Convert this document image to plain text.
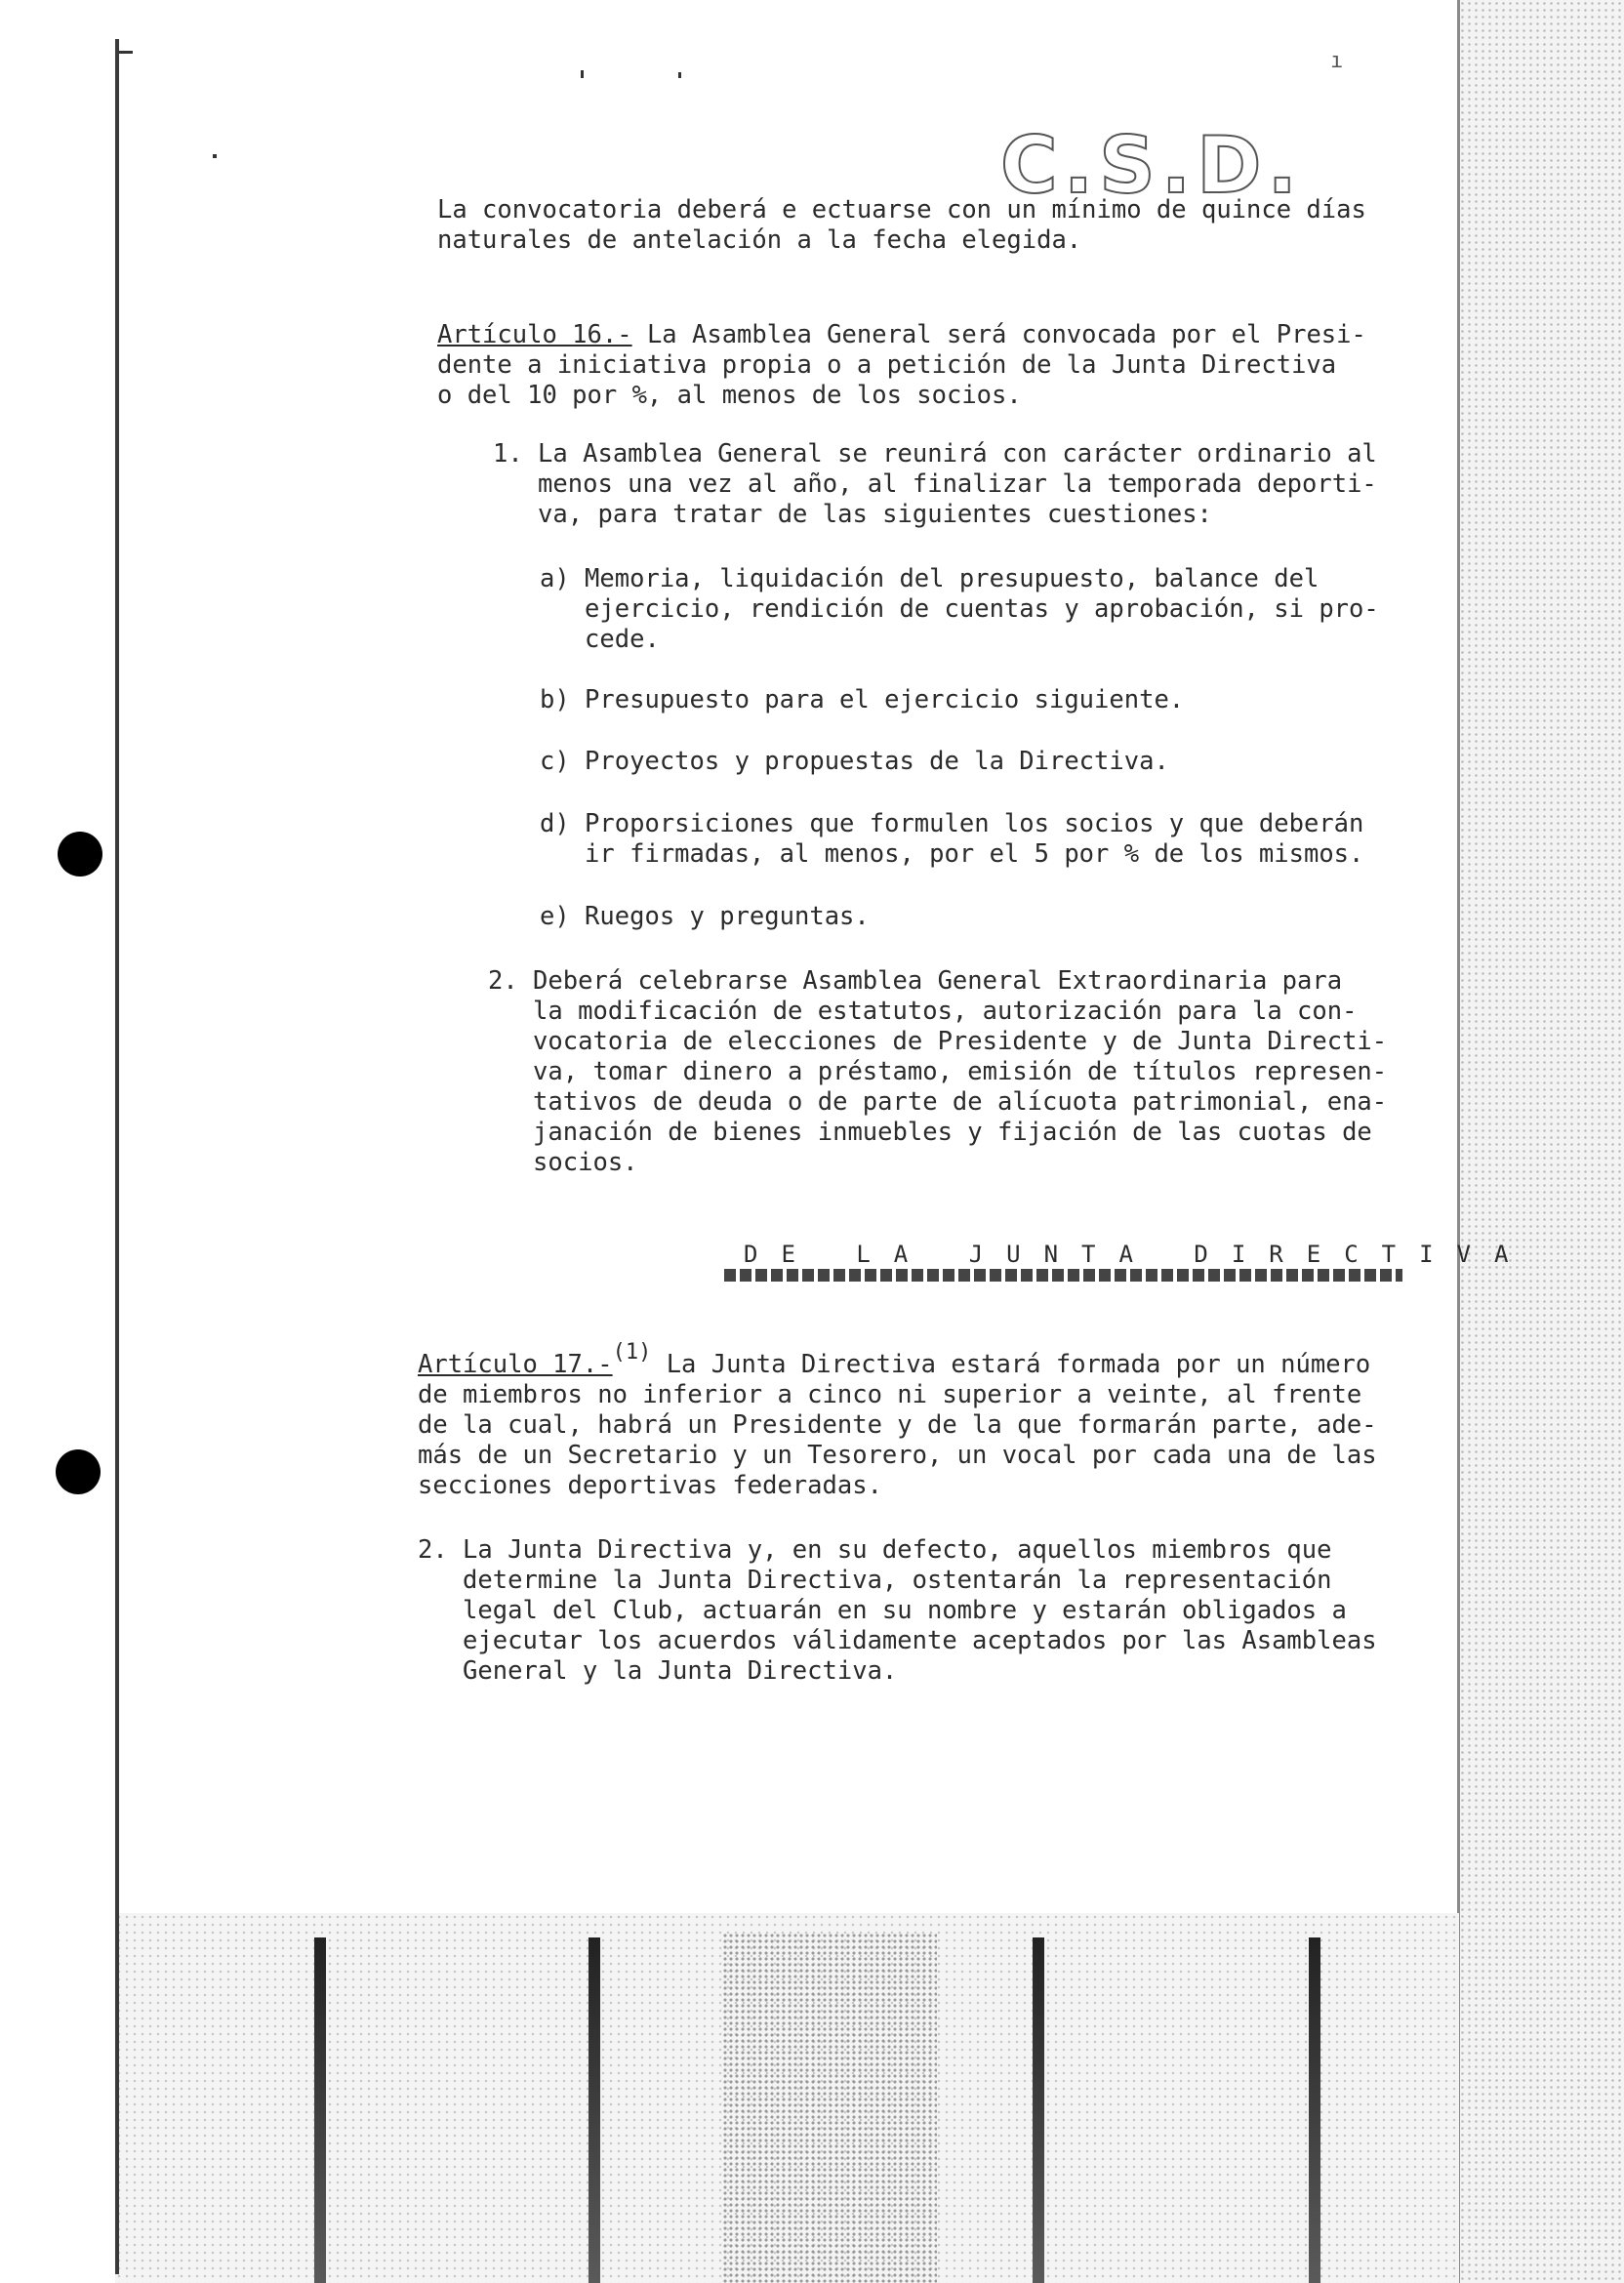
C.S.D.
ı
La convocatoria deberá e ectuarse con un mínimo de quince días
naturales de antelación a la fecha elegida.
Artículo 16.- La Asamblea General será convocada por el Presi-
dente a iniciativa propia o a petición de la Junta Directiva
o del 10 por %, al menos de los socios.
1. La Asamblea General se reunirá con carácter ordinario al
menos una vez al año, al finalizar la temporada deporti-
va, para tratar de las siguientes cuestiones:
a) Memoria, liquidación del presupuesto, balance del
ejercicio, rendición de cuentas y aprobación, si pro-
cede.
b) Presupuesto para el ejercicio siguiente.
c) Proyectos y propuestas de la Directiva.
d) Proporsiciones que formulen los socios y que deberán
ir firmadas, al menos, por el 5 por % de los mismos.
e) Ruegos y preguntas.
2. Deberá celebrarse Asamblea General Extraordinaria para
la modificación de estatutos, autorización para la con-
vocatoria de elecciones de Presidente y de Junta Directi-
va, tomar dinero a préstamo, emisión de títulos represen-
tativos de deuda o de parte de alícuota patrimonial, ena-
janación de bienes inmuebles y fijación de las cuotas de
socios.
DE LA JUNTA DIRECTIVA
Artículo 17.-(1) La Junta Directiva estará formada por un número
de miembros no inferior a cinco ni superior a veinte, al frente
de la cual, habrá un Presidente y de la que formarán parte, ade-
más de un Secretario y un Tesorero, un vocal por cada una de las
secciones deportivas federadas.
2. La Junta Directiva y, en su defecto, aquellos miembros que
determine la Junta Directiva, ostentarán la representación
legal del Club, actuarán en su nombre y estarán obligados a
ejecutar los acuerdos válidamente aceptados por las Asambleas
General y la Junta Directiva.
